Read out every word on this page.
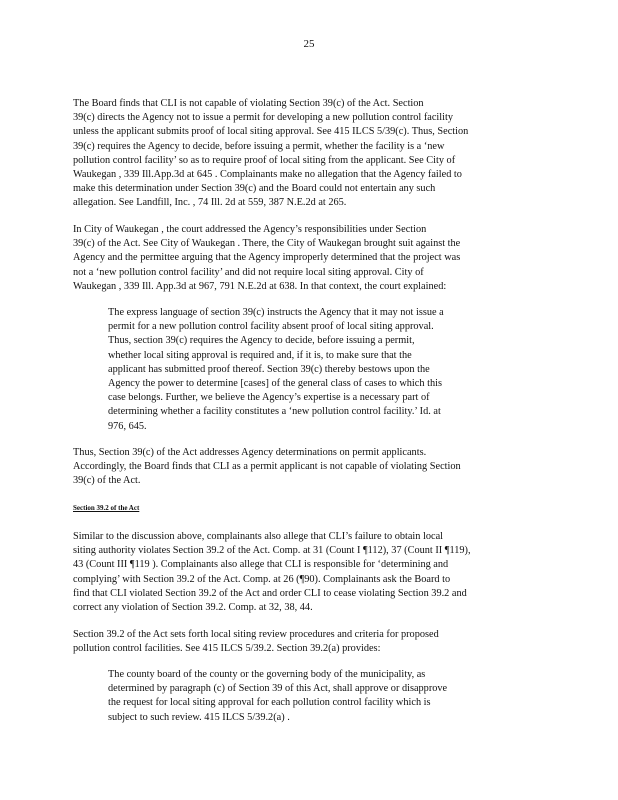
25
The Board finds that CLI is not capable of violating Section 39(c) of the Act. Section
39(c) directs the Agency not to issue a permit for developing a new pollution control facility
unless the applicant submits proof of local siting approval. See 415 ILCS 5/39(c). Thus, Section
39(c) requires the Agency to decide, before issuing a permit, whether the facility is a ‘new
pollution control facility’ so as to require proof of local siting from the applicant. See City of
Waukegan , 339 Ill.App.3d at 645 . Complainants make no allegation that the Agency failed to
make this determination under Section 39(c) and the Board could not entertain any such
allegation. See Landfill, Inc. , 74 Ill. 2d at 559, 387 N.E.2d at 265.
In City of Waukegan , the court addressed the Agency’s responsibilities under Section
39(c) of the Act. See City of Waukegan . There, the City of Waukegan brought suit against the
Agency and the permittee arguing that the Agency improperly determined that the project was
not a ‘new pollution control facility’ and did not require local siting approval. City of
Waukegan , 339 Ill. App.3d at 967, 791 N.E.2d at 638. In that context, the court explained:
The express language of section 39(c) instructs the Agency that it may not issue a
permit for a new pollution control facility absent proof of local siting approval.
Thus, section 39(c) requires the Agency to decide, before issuing a permit,
whether local siting approval is required and, if it is, to make sure that the
applicant has submitted proof thereof. Section 39(c) thereby bestows upon the
Agency the power to determine [cases] of the general class of cases to which this
case belongs. Further, we believe the Agency’s expertise is a necessary part of
determining whether a facility constitutes a ‘new pollution control facility.’ Id. at
976, 645.
Thus, Section 39(c) of the Act addresses Agency determinations on permit applicants.
Accordingly, the Board finds that CLI as a permit applicant is not capable of violating Section
39(c) of the Act.
Section 39.2 of the Act
Similar to the discussion above, complainants also allege that CLI’s failure to obtain local
siting authority violates Section 39.2 of the Act. Comp. at 31 (Count I ¶112), 37 (Count II ¶119),
43 (Count III ¶119 ). Complainants also allege that CLI is responsible for ‘determining and
complying’ with Section 39.2 of the Act. Comp. at 26 (¶90). Complainants ask the Board to
find that CLI violated Section 39.2 of the Act and order CLI to cease violating Section 39.2 and
correct any violation of Section 39.2. Comp. at 32, 38, 44.
Section 39.2 of the Act sets forth local siting review procedures and criteria for proposed
pollution control facilities. See 415 ILCS 5/39.2. Section 39.2(a) provides:
The county board of the county or the governing body of the municipality, as
determined by paragraph (c) of Section 39 of this Act, shall approve or disapprove
the request for local siting approval for each pollution control facility which is
subject to such review. 415 ILCS 5/39.2(a) .
